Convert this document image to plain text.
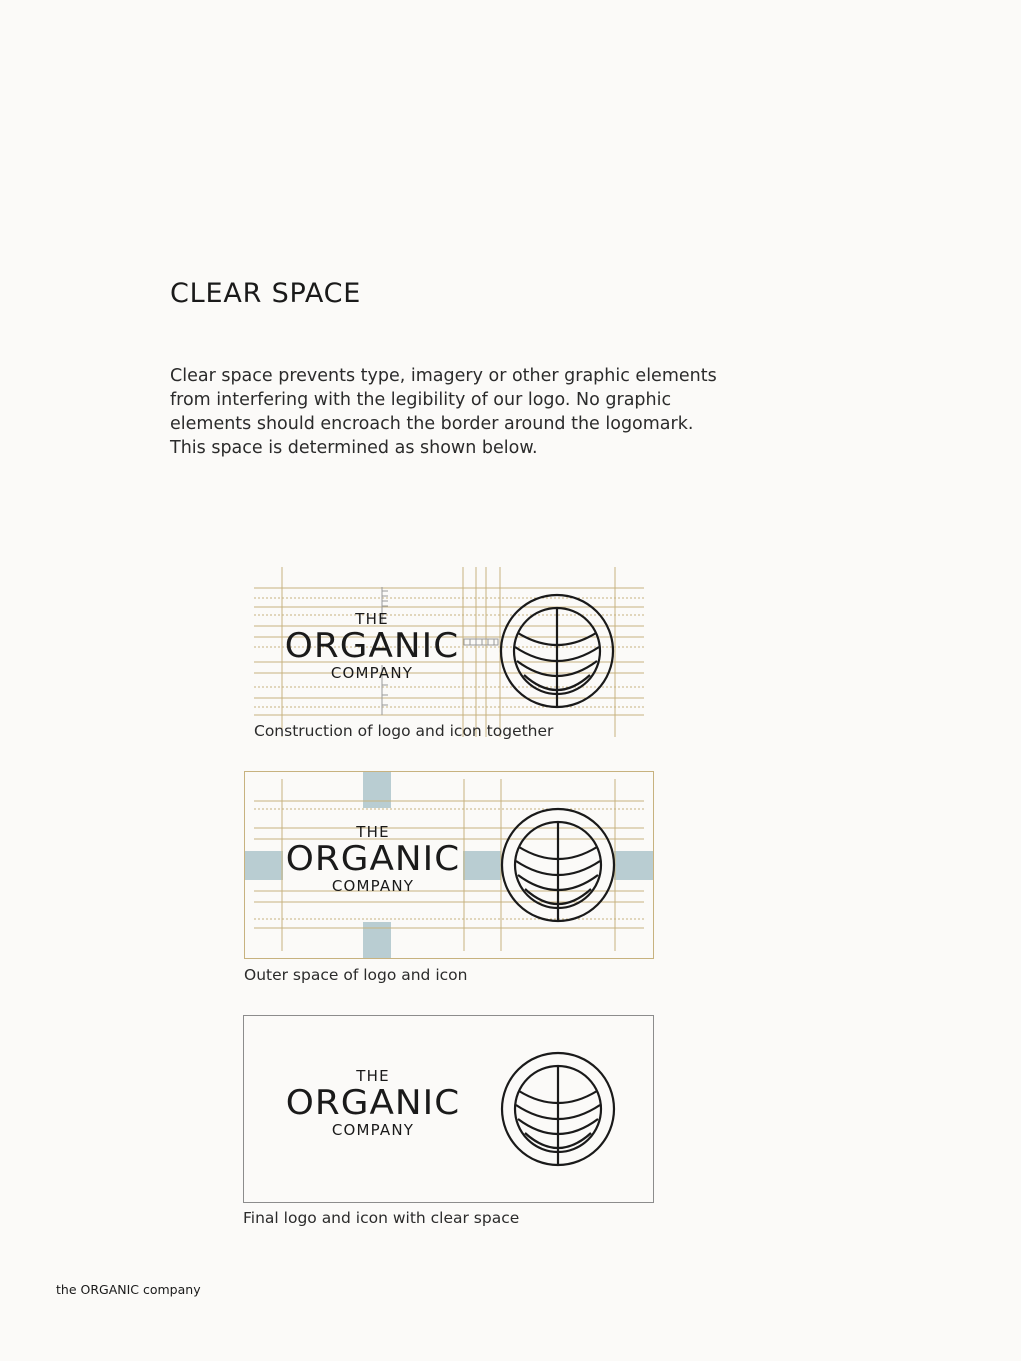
CLEAR SPACE
Clear space prevents type, imagery or other graphic elements
from interfering with the legibility of our logo. No graphic
elements should encroach the border around the logomark.
This space is determined as shown below.
THE
ORGANIC
COMPANY
Construction of logo and icon together
THE
ORGANIC
COMPANY
Outer space of logo and icon
THE
ORGANIC
COMPANY
Final logo and icon with clear space
the ORGANIC company
